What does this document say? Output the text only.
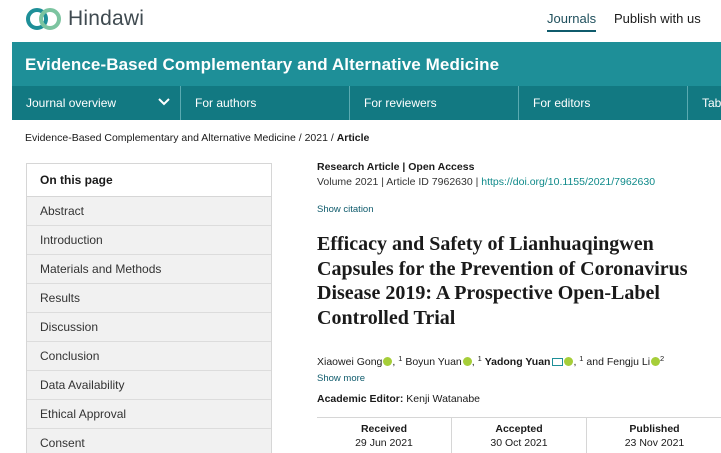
Hindawi	Journals Publish with us
Evidence-Based Complementary and Alternative Medicine
Journal overview	For authors	For reviewers	For editors	Tab
Evidence-Based Complementary and Alternative Medicine / 2021 / Article
On this page
Abstract
Introduction
Materials and Methods
Results
Discussion
Conclusion
Data Availability
Ethical Approval
Consent
Research Article | Open Access
Volume 2021 | Article ID 7962630 | https://doi.org/10.1155/2021/7962630
Show citation
Efficacy and Safety of Lianhuaqingwen Capsules for the Prevention of Coronavirus Disease 2019: A Prospective Open-Label Controlled Trial
Xiaowei Gong , $^1$ Boyun Yuan , $^1$ Yadong Yuan , $^1$ and Fengju Li $^2$
Show more
Academic Editor: Kenji Watanabe
Received
29 Jun 2021
Accepted
30 Oct 2021
Published
23 Nov 2021
